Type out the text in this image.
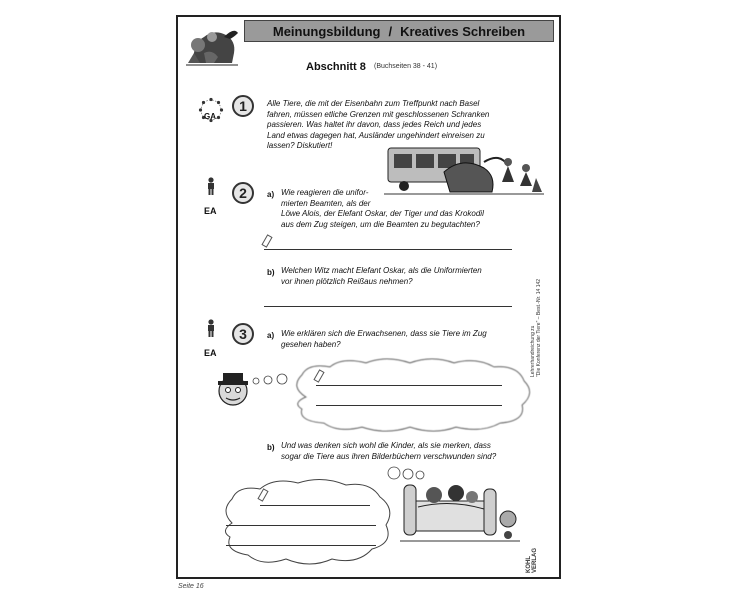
Meinungsbildung / Kreatives Schreiben
Abschnitt 8 (Buchseiten 38 - 41)
GA
1	Alle Tiere, die mit der Eisenbahn zum Treffpunkt nach Basel
fahren, müssen etliche Grenzen mit geschlossenen Schranken
passieren. Was haltet ihr davon, dass jedes Reich und jedes
Land etwas dagegen hat, Ausländer ungehindert einreisen zu
lassen? Diskutiert!
EA
2	a) Wie reagieren die unifor-
mierten Beamten, als der
Löwe Alois, der Elefant Oskar, der Tiger und das Krokodil
aus dem Zug steigen, um die Beamten zu begutachten?
b) Welchen Witz macht Elefant Oskar, als die Uniformierten
vor ihnen plötzlich Reißaus nehmen?
EA
3	a) Wie erklären sich die Erwachsenen, dass sie Tiere im Zug
gesehen haben?
b) Und was denken sich wohl die Kinder, als sie merken, dass
sogar die Tiere aus ihren Bilderbüchern verschwunden sind?
Lehrerhandreichung zu "Die Konferenz der Tiere" – Best.-Nr. 14 142
KOHL VERLAG
Seite 16
